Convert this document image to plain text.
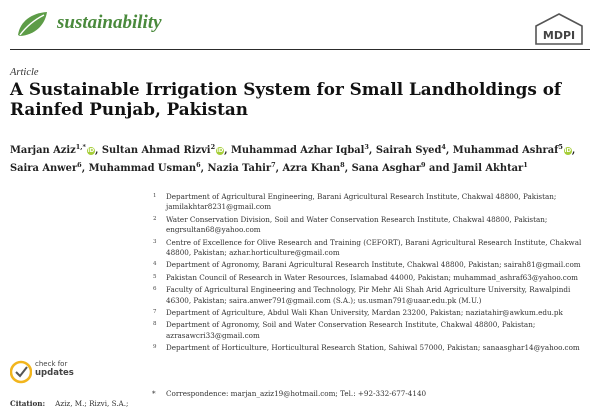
sustainability
MDPI
Article
A Sustainable Irrigation System for Small Landholdings of Rainfed Punjab, Pakistan
Marjan Aziz$^{1,*}$ iD, Sultan Ahmad Rizvi$^2$ iD, Muhammad Azhar Iqbal$^3$, Sairah Syed$^4$, Muhammad Ashraf$^5$ iD, Saira Anwer$^6$, Muhammad Usman$^6$, Nazia Tahir$^7$, Azra Khan$^8$, Sana Asghar$^9$ and Jamil Akhtar$^1$
1 Department of Agricultural Engineering, Barani Agricultural Research Institute, Chakwal 48800, Pakistan; jamilakhtar8231@gmail.com
2 Water Conservation Division, Soil and Water Conservation Research Institute, Chakwal 48800, Pakistan; engrsultan68@yahoo.com
3 Centre of Excellence for Olive Research and Training (CEFORT), Barani Agricultural Research Institute, Chakwal 48800, Pakistan; azhar.horticulture@gmail.com
4 Department of Agronomy, Barani Agricultural Research Institute, Chakwal 48800, Pakistan; sairah81@gmail.com
5 Pakistan Council of Research in Water Resources, Islamabad 44000, Pakistan; muhammad_ashraf63@yahoo.com
6 Faculty of Agricultural Engineering and Technology, Pir Mehr Ali Shah Arid Agriculture University, Rawalpindi 46300, Pakistan; saira.anwer791@gmail.com (S.A.); us.usman791@uaar.edu.pk (M.U.)
7 Department of Agriculture, Abdul Wali Khan University, Mardan 23200, Pakistan; naziatahir@awkum.edu.pk
8 Department of Agronomy, Soil and Water Conservation Research Institute, Chakwal 48800, Pakistan; azrasawcri33@gmail.com
9 Department of Horticulture, Horticultural Research Station, Sahiwal 57000, Pakistan; sanaasghar14@yahoo.com
*	Correspondence: marjan_aziz19@hotmail.com; Tel.: +92-332-677-4140
check for
updates
Citation: Aziz, M.; Rizvi, S.A.;
